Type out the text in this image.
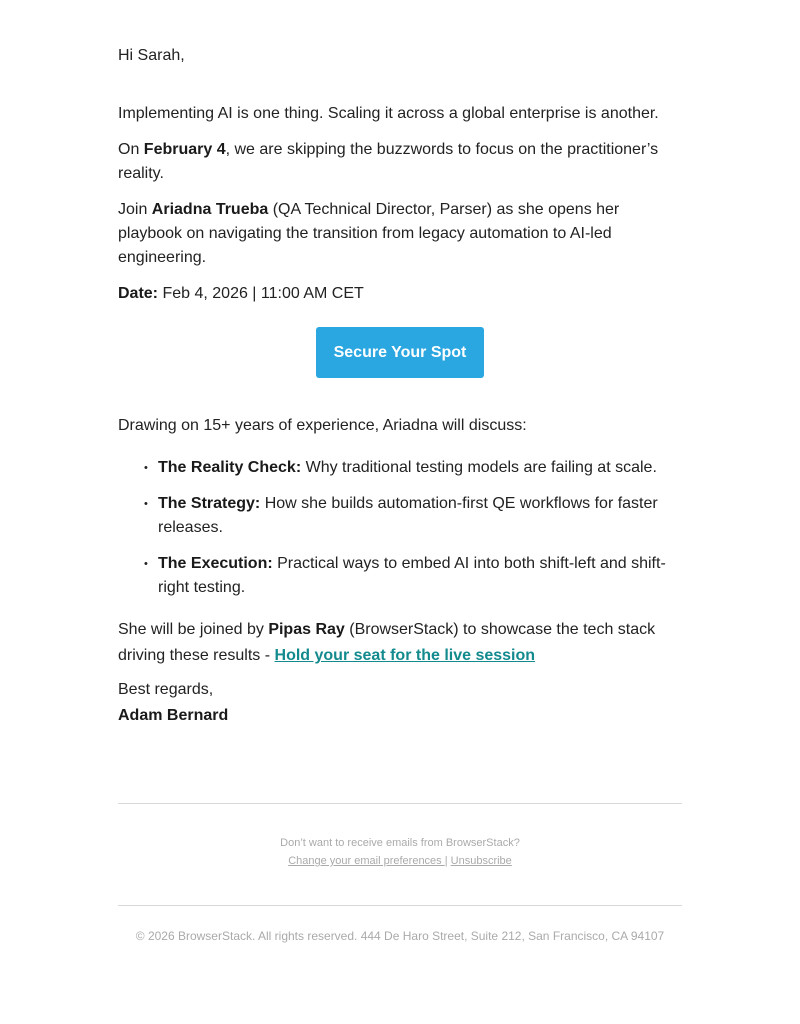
Hi Sarah,

Implementing AI is one thing. Scaling it across a global enterprise is another.

On February 4, we are skipping the buzzwords to focus on the practitioner’s reality.

Join Ariadna Trueba (QA Technical Director, Parser) as she opens her playbook on navigating the transition from legacy automation to AI-led engineering.

Date: Feb 4, 2026 | 11:00 AM CET

Secure Your Spot

Drawing on 15+ years of experience, Ariadna will discuss:

• The Reality Check: Why traditional testing models are failing at scale.
• The Strategy: How she builds automation-first QE workflows for faster releases.
• The Execution: Practical ways to embed AI into both shift-left and shift-right testing.

She will be joined by Pipas Ray (BrowserStack) to showcase the tech stack driving these results - Hold your seat for the live session

Best regards,
Adam Bernard

Don’t want to receive emails from BrowserStack?
Change your email preferences | Unsubscribe
© 2026 BrowserStack. All rights reserved. 444 De Haro Street, Suite 212, San Francisco, CA 94107
